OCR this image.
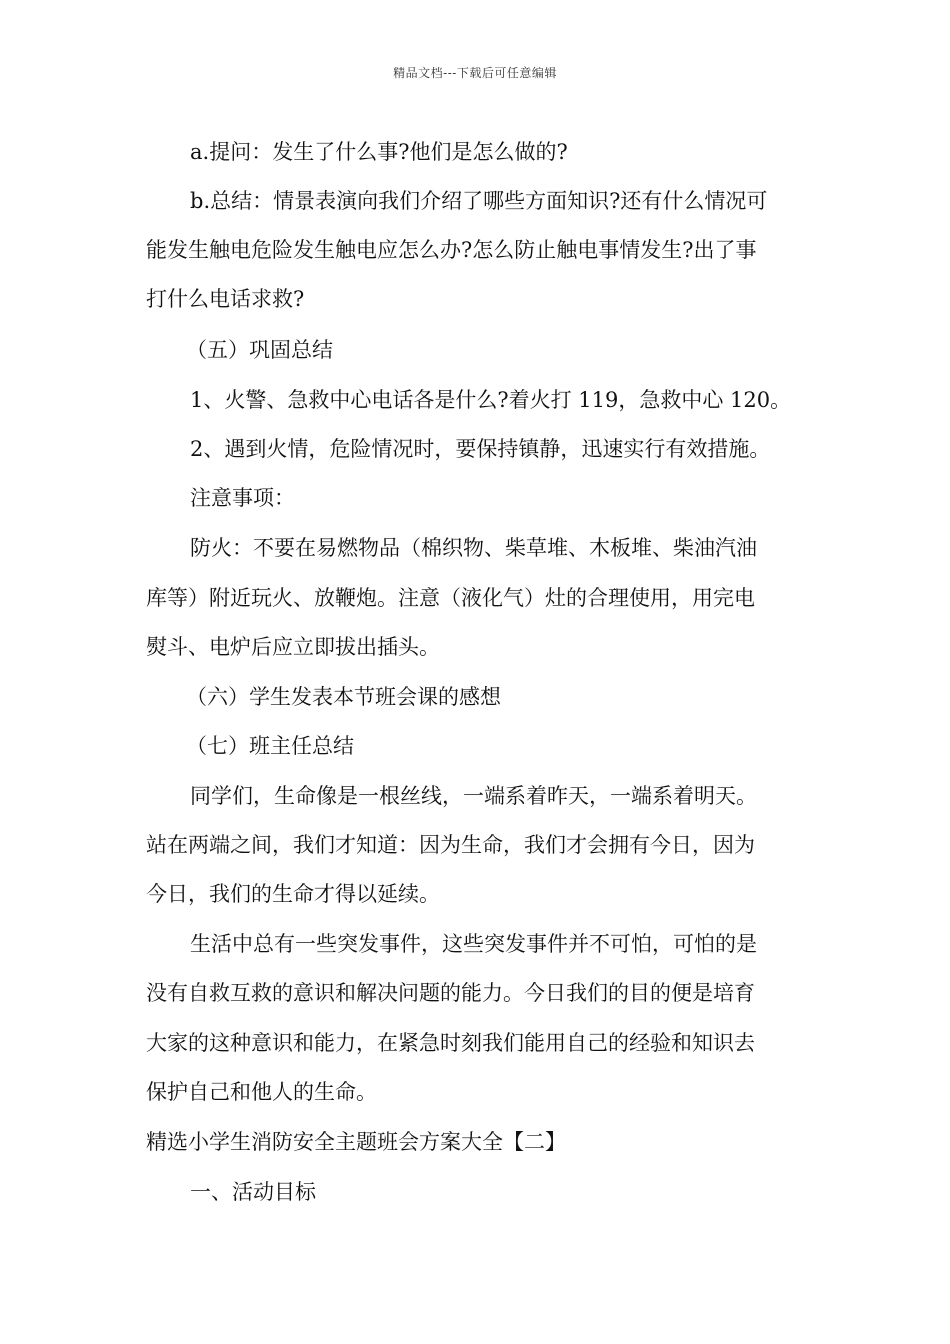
精品文档---下载后可任意编辑
a.提问：发生了什么事?他们是怎么做的?
b.总结：情景表演向我们介绍了哪些方面知识?还有什么情况可
能发生触电危险发生触电应怎么办?怎么防止触电事情发生?出了事
打什么电话求救?
（五）巩固总结
1、火警、急救中心电话各是什么?着火打 119，急救中心 120。
2、遇到火情，危险情况时，要保持镇静，迅速实行有效措施。
注意事项：
防火：不要在易燃物品（棉织物、柴草堆、木板堆、柴油汽油
库等）附近玩火、放鞭炮。注意（液化气）灶的合理使用，用完电
熨斗、电炉后应立即拔出插头。
（六）学生发表本节班会课的感想
（七）班主任总结
同学们，生命像是一根丝线，一端系着昨天，一端系着明天。
站在两端之间，我们才知道：因为生命，我们才会拥有今日，因为
今日，我们的生命才得以延续。
生活中总有一些突发事件，这些突发事件并不可怕，可怕的是
没有自救互救的意识和解决问题的能力。今日我们的目的便是培育
大家的这种意识和能力，在紧急时刻我们能用自己的经验和知识去
保护自己和他人的生命。
精选小学生消防安全主题班会方案大全【二】
一、活动目标
